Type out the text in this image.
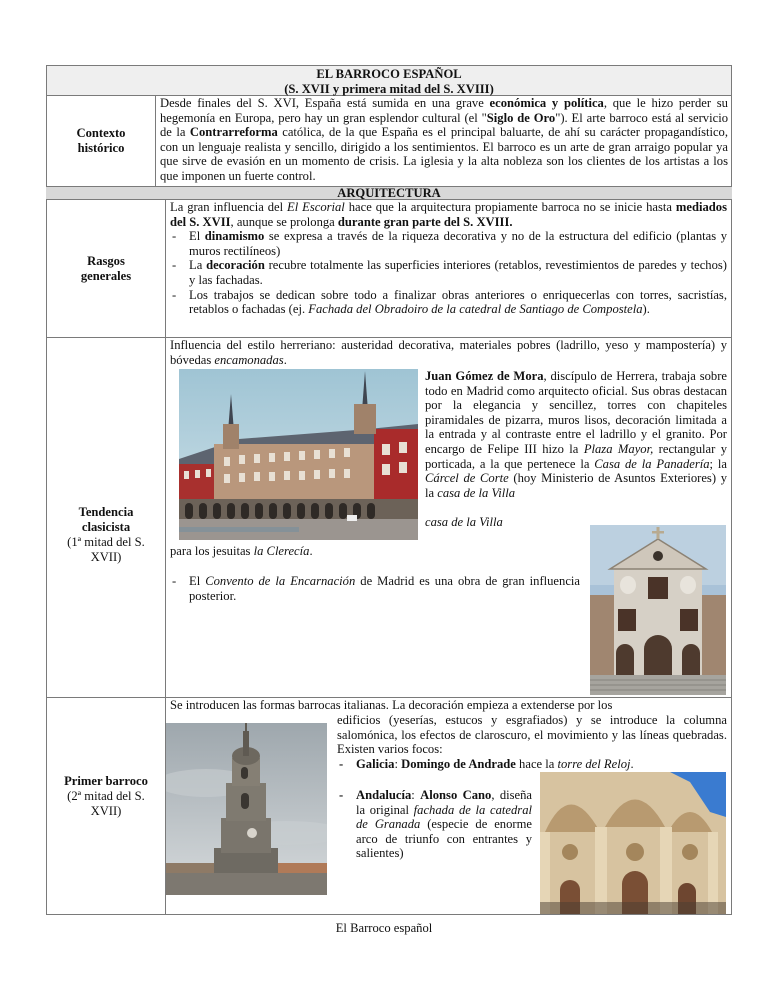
EL BARROCO ESPAÑOL
(S. XVII y primera mitad del S. XVIII)
Contexto
histórico

Desde finales del S. XVI, España está sumida en una grave económica y política, que le hizo perder su hegemonía en Europa, pero hay un gran esplendor cultural (el "Siglo de Oro"). El arte barroco está al servicio de la Contrarreforma católica, de la que España es el principal baluarte, de ahí su carácter propagandístico, con un lenguaje realista y sencillo, dirigido a los sentimientos. El barroco es un arte de gran arraigo popular ya que sirve de evasión en un momento de crisis. La iglesia y la alta nobleza son los clientes de los artistas a los que imponen un fuerte control.

ARQUITECTURA
Rasgos
generales

La gran influencia del El Escorial hace que la arquitectura propiamente barroca no se inicie hasta mediados del S. XVII, aunque se prolonga durante gran parte del S. XVIII.

- El dinamismo se expresa a través de la riqueza decorativa y no de la estructura del edificio (plantas y muros rectilíneos)
- La decoración recubre totalmente las superficies interiores (retablos, revestimientos de paredes y techos) y las fachadas.
- Los trabajos se dedican sobre todo a finalizar obras anteriores o enriquecerlas con torres, sacristías, retablos o fachadas (ej. Fachada del Obradoiro de la catedral de Santiago de Compostela).
Tendencia
clasicista
(1ª mitad del S.
XVII)

Influencia del estilo herreriano: austeridad decorativa, materiales pobres (ladrillo, yeso y mampostería) y bóvedas encamonadas.

Juan Gómez de Mora, discípulo de Herrera, trabaja sobre todo en Madrid como arquitecto oficial. Sus obras destacan por la elegancia y sencillez, torres con chapiteles piramidales de pizarra, muros lisos, decoración limitada a la entrada y al contraste entre el ladrillo y el granito. Por encargo de Felipe III hizo la Plaza Mayor, rectangular y porticada, a la que pertenece la Casa de la Panadería; la Cárcel de Corte (hoy Ministerio de Asuntos Exteriores) y la casa de la Villa

casa de la Villa

para los jesuitas la Clerecía.

- El Convento de la Encarnación de Madrid es una obra de gran influencia posterior.
Primer barroco
(2ª mitad del S.
XVII)

Se introducen las formas barrocas italianas. La decoración empieza a extenderse por los

edificios (yeserías, estucos y esgrafiados) y se introduce la columna salomónica, los efectos de claroscuro, el movimiento y las líneas quebradas. Existen varios focos:

- Galicia: Domingo de Andrade hace la torre del Reloj.
- Andalucía: Alonso Cano, diseña la original fachada de la catedral de Granada (especie de enorme arco de triunfo con entrantes y salientes)
El Barroco español
